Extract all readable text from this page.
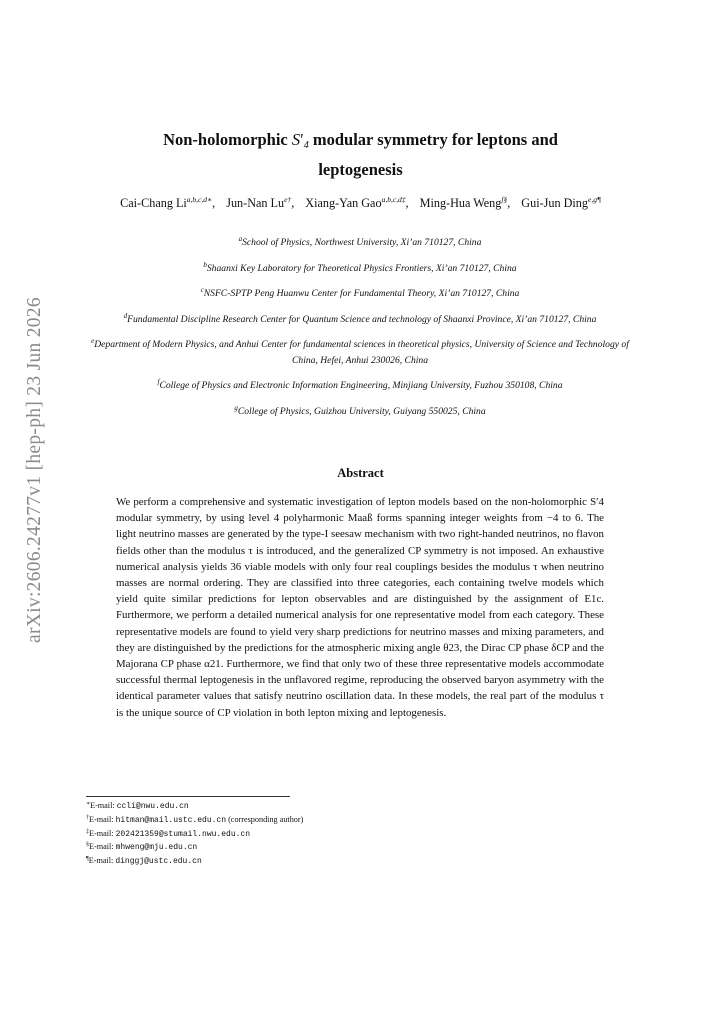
arXiv:2606.24277v1 [hep-ph] 23 Jun 2026
Non-holomorphic $S'_4$ modular symmetry for leptons and
leptogenesis
Cai-Chang $Li^{a,b,c,d∗}$, Jun-Nan $Lu^{e\dagger}$, Xiang-Yan Gao$^{a,b,c,d\ddagger}$, Ming-Hua Weng$^{f\S}$, Gui-Jun Ding$^{e,g\P}$
$^a$School of Physics, Northwest University, Xi’an 710127, China
$^b$Shaanxi Key Laboratory for Theoretical Physics Frontiers, Xi’an 710127, China
$^c$NSFC-SPTP Peng Huanwu Center for Fundamental Theory, Xi’an 710127, China
$^d$Fundamental Discipline Research Center for Quantum Science and technology of Shaanxi Province, Xi’an 710127, China
$^e$Department of Modern Physics, and Anhui Center for fundamental sciences in theoretical physics, University of Science and Technology of China, Hefei, Anhui 230026, China
$^f$College of Physics and Electronic Information Engineering, Minjiang University, Fuzhou 350108, China
$^g$College of Physics, Guizhou University, Guiyang 550025, China
Abstract
We perform a comprehensive and systematic investigation of lepton models based on the non-holomorphic S′4 modular symmetry, by using level 4 polyharmonic Maaß forms spanning integer weights from −4 to 6. The light neutrino masses are generated by the type-I seesaw mechanism with two right-handed neutrinos, no flavon fields other than the modulus τ is introduced, and the generalized CP symmetry is not imposed. An exhaustive numerical analysis yields 36 viable models with only four real couplings besides the modulus τ when neutrino masses are normal ordering. They are classified into three categories, each containing twelve models which yield quite similar predictions for lepton observables and are distinguished by the assignment of E1c. Furthermore, we perform a detailed numerical analysis for one representative model from each category. These representative models are found to yield very sharp predictions for neutrino masses and mixing parameters, and they are distinguished by the predictions for the atmospheric mixing angle θ23, the Dirac CP phase δCP and the Majorana CP phase α21. Furthermore, we find that only two of these three representative models accommodate successful thermal leptogenesis in the unflavored regime, reproducing the observed baryon asymmetry with the identical parameter values that satisfy neutrino oscillation data. In these models, the real part of the modulus τ is the unique source of CP violation in both lepton mixing and leptogenesis.
∗E-mail: ccli@nwu.edu.cn
†E-mail: hitman@mail.ustc.edu.cn (corresponding author)
‡E-mail: 202421359@stumail.nwu.edu.cn
§E-mail: mhweng@mju.edu.cn
¶E-mail: dinggj@ustc.edu.cn
